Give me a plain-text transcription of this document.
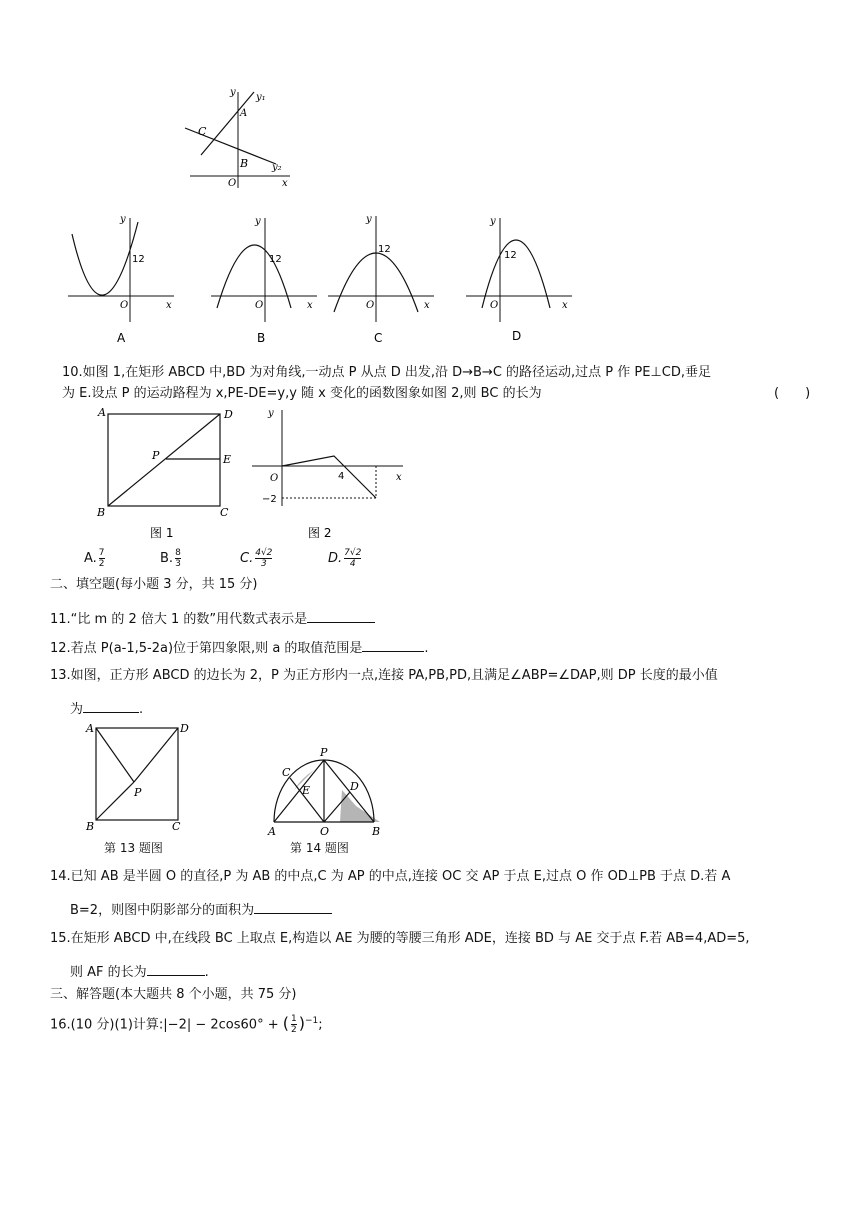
y y₁
A
C
B y₂
O	x
y
12
O	x
A
y
12
O	x
B
y
12
O	x
C
y
12
O	x
D
10.如图 1,在矩形 ABCD 中,BD 为对角线,一动点 P 从点 D 出发,沿 D→B→C 的路径运动,过点 P 作 PE⊥CD,垂足
为 E.设点 P 的运动路程为 x,PE-DE=y,y 随 x 变化的函数图象如图 2,则 BC 的长为	(　　)
A	D
P	E
B	C
图 1
y
O	4	x
−2
图 2
A. $\frac{7}{2}$	B. $\frac{8}{3}$	C. $\frac{4√2}{3}$	D. $\frac{7√2}{4}$
二、填空题(每小题 3 分，共 15 分)
11.“比 m 的 2 倍大 1 的数”用代数式表示是
12.若点 P(a-1,5-2a)位于第四象限,则 a 的取值范围是	.
13.如图，正方形 ABCD 的边长为 2，P 为正方形内一点,连接 PA,PB,PD,且满足∠ABP=∠DAP,则 DP 长度的最小值
为	.
A	D
P
B	C
第 13 题图
P
C
E	D
A	O	B
第 14 题图
14.已知 AB 是半圆 O 的直径,P 为 AB 的中点,C 为 AP 的中点,连接 OC 交 AP 于点 E,过点 O 作 OD⊥PB 于点 D.若 A
B=2，则图中阴影部分的面积为
15.在矩形 ABCD 中,在线段 BC 上取点 E,构造以 AE 为腰的等腰三角形 ADE，连接 BD 与 AE 交于点 F.若 AB=4,AD=5,
则 AF 的长为	.
三、解答题(本大题共 8 个小题，共 75 分)
16.(10 分)(1)计算:|−2| − 2cos60° + ( $\frac{1}{2} )^{-1}$;
